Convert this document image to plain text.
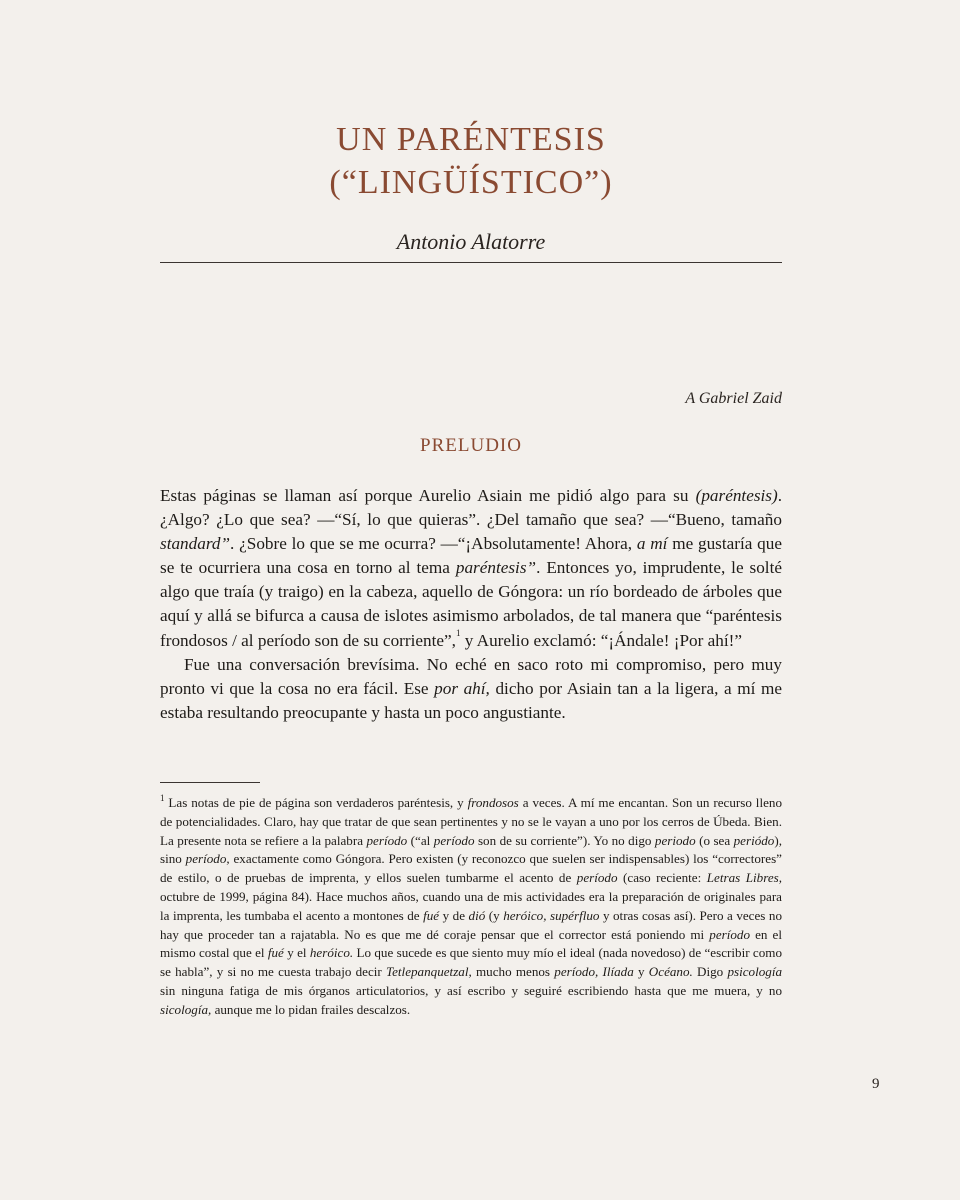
UN PARÉNTESIS
(“LINGÜÍSTICO”)
Antonio Alatorre
A Gabriel Zaid
PRELUDIO

Estas páginas se llaman así porque Aurelio Asiain me pidió algo para su (paréntesis). ¿Algo? ¿Lo que sea? —“Sí, lo que quieras”. ¿Del tamaño que sea? —“Bueno, tamaño standard”. ¿Sobre lo que se me ocurra? —“¡Absolutamente! Ahora, a mí me gustaría que se te ocurriera una cosa en torno al tema paréntesis”. Entonces yo, imprudente, le solté algo que traía (y traigo) en la cabeza, aquello de Góngora: un río bordeado de árboles que aquí y allá se bifurca a causa de islotes asimismo arbolados, de tal manera que “paréntesis frondosos / al período son de su corriente”,$^1$ y Aurelio exclamó: “¡Ándale! ¡Por ahí!”

Fue una conversación brevísima. No eché en saco roto mi compromiso, pero muy pronto vi que la cosa no era fácil. Ese por ahí, dicho por Asiain tan a la ligera, a mí me estaba resultando preocupante y hasta un poco angustiante.

$^1$ Las notas de pie de página son verdaderos paréntesis, y frondosos a veces. A mí me encantan. Son un recurso lleno de potencialidades. Claro, hay que tratar de que sean pertinentes y no se le vayan a uno por los cerros de Úbeda. Bien. La presente nota se refiere a la palabra período (“al período son de su corriente”). Yo no digo periodo (o sea periódo), sino período, exactamente como Góngora. Pero existen (y reconozco que suelen ser indispensables) los “correctores” de estilo, o de pruebas de imprenta, y ellos suelen tumbarme el acento de período (caso reciente: Letras Libres, octubre de 1999, página 84). Hace muchos años, cuando una de mis actividades era la preparación de originales para la imprenta, les tumbaba el acento a montones de fué y de dió (y heróico, supérfluo y otras cosas así). Pero a veces no hay que proceder tan a rajatabla. No es que me dé coraje pensar que el corrector está poniendo mi período en el mismo costal que el fué y el heróico. Lo que sucede es que siento muy mío el ideal (nada novedoso) de “escribir como se habla”, y si no me cuesta trabajo decir Tetlepanquetzal, mucho menos período, Ilíada y Océano. Digo psicología sin ninguna fatiga de mis órganos articulatorios, y así escribo y seguiré escribiendo hasta que me muera, y no sicología, aunque me lo pidan frailes descalzos.

9
